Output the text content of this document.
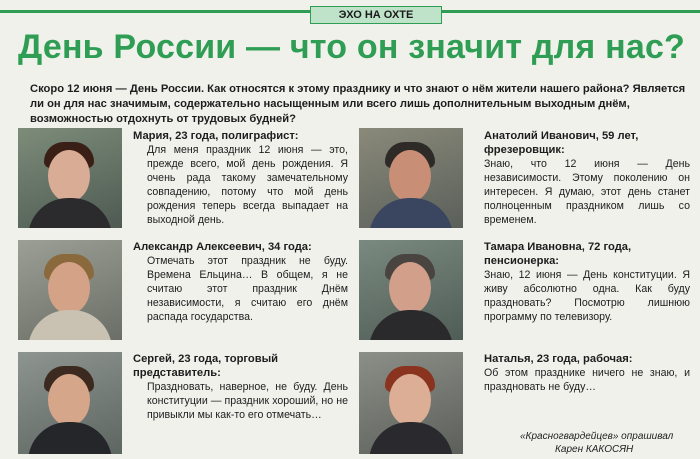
ЭХО НА ОХТЕ
День России — что он значит для нас?

Скоро 12 июня — День России. Как относятся к этому празднику и что знают о нём жители нашего района? Является ли он для нас значимым, содержательно насыщенным или всего лишь дополнительным выходным днём, возможностью отдохнуть от трудовых будней?

Мария, 23 года, полиграфист:

Для меня праздник 12 июня — это, прежде всего, мой день рождения. Я очень рада такому замечательному совпадению, потому что мой день рождения теперь всегда выпадает на выходной день.

Анатолий Иванович, 59 лет, фрезеровщик:

Знаю, что 12 июня — День независимости. Этому поколению он интересен. Я думаю, этот день станет полноценным праздником лишь со временем.

Александр Алексеевич, 34 года:

Отмечать этот праздник не буду. Времена Ельцина… В общем, я не считаю этот праздник Днём независимости, я считаю его днём распада государства.

Тамара Ивановна, 72 года, пенсионерка:

Знаю, 12 июня — День конституции. Я живу абсолютно одна. Как буду праздновать? Посмотрю лишнюю программу по телевизору.

Сергей, 23 года, торговый представитель:

Праздновать, наверное, не буду. День конституции — праздник хороший, но не привыкли мы как-то его отмечать…

Наталья, 23 года, рабочая:

Об этом празднике ничего не знаю, и праздновать не буду…

«Красногвардейцев» опрашивал

Карен КАКОСЯН
